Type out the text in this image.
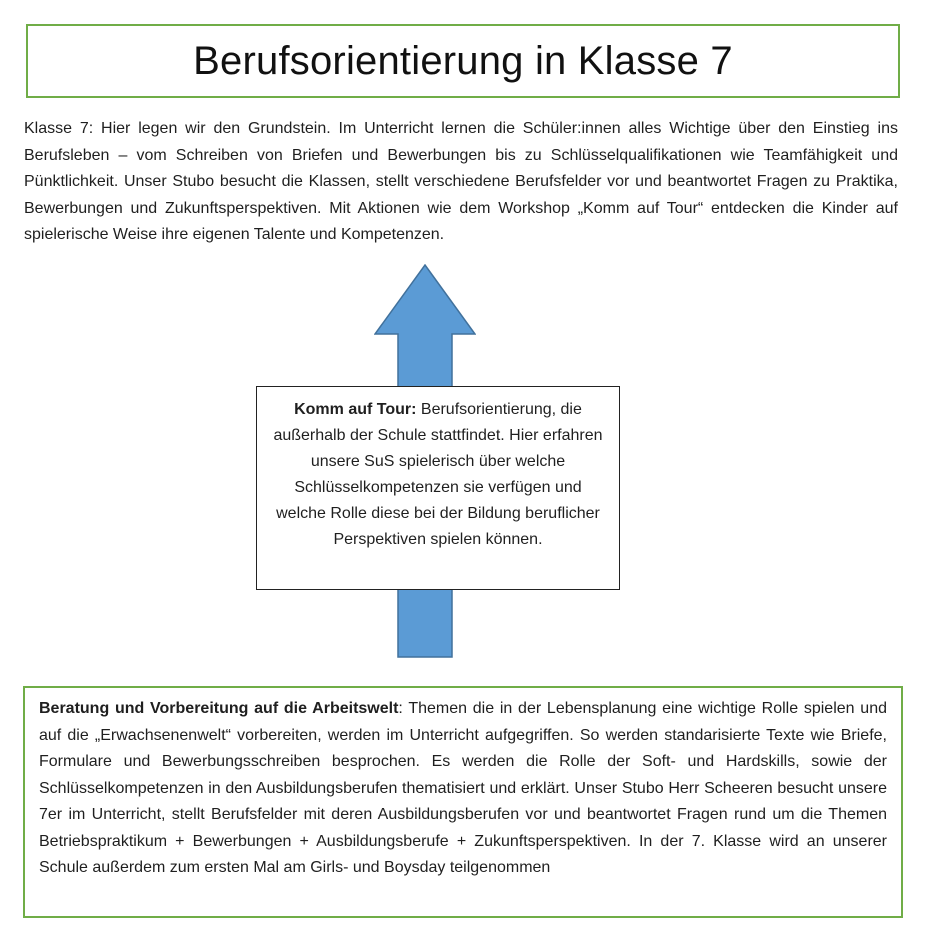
Berufsorientierung in Klasse 7
Klasse 7: Hier legen wir den Grundstein. Im Unterricht lernen die Schüler:innen alles Wichtige über den Einstieg ins Berufsleben – vom Schreiben von Briefen und Bewerbungen bis zu Schlüsselqualifikationen wie Teamfähigkeit und Pünktlichkeit. Unser Stubo besucht die Klassen, stellt verschiedene Berufsfelder vor und beantwortet Fragen zu Praktika, Bewerbungen und Zukunftsperspektiven. Mit Aktionen wie dem Workshop „Komm auf Tour“ entdecken die Kinder auf spielerische Weise ihre eigenen Talente und Kompetenzen.
Komm auf Tour: Berufsorientierung, die außerhalb der Schule stattfindet. Hier erfahren unsere SuS spielerisch über welche Schlüsselkompetenzen sie verfügen und welche Rolle diese bei der Bildung beruflicher Perspektiven spielen können.
Beratung und Vorbereitung auf die Arbeitswelt: Themen die in der Lebensplanung eine wichtige Rolle spielen und auf die „Erwachsenenwelt“ vorbereiten, werden im Unterricht aufgegriffen. So werden standarisierte Texte wie Briefe, Formulare und Bewerbungsschreiben besprochen. Es werden die Rolle der Soft- und Hardskills, sowie der Schlüsselkompetenzen in den Ausbildungsberufen thematisiert und erklärt. Unser Stubo Herr Scheeren besucht unsere 7er im Unterricht, stellt Berufsfelder mit deren Ausbildungsberufen vor und beantwortet Fragen rund um die Themen Betriebspraktikum + Bewerbungen + Ausbildungsberufe + Zukunftsperspektiven. In der 7. Klasse wird an unserer Schule außerdem zum ersten Mal am Girls- und Boysday teilgenommen
